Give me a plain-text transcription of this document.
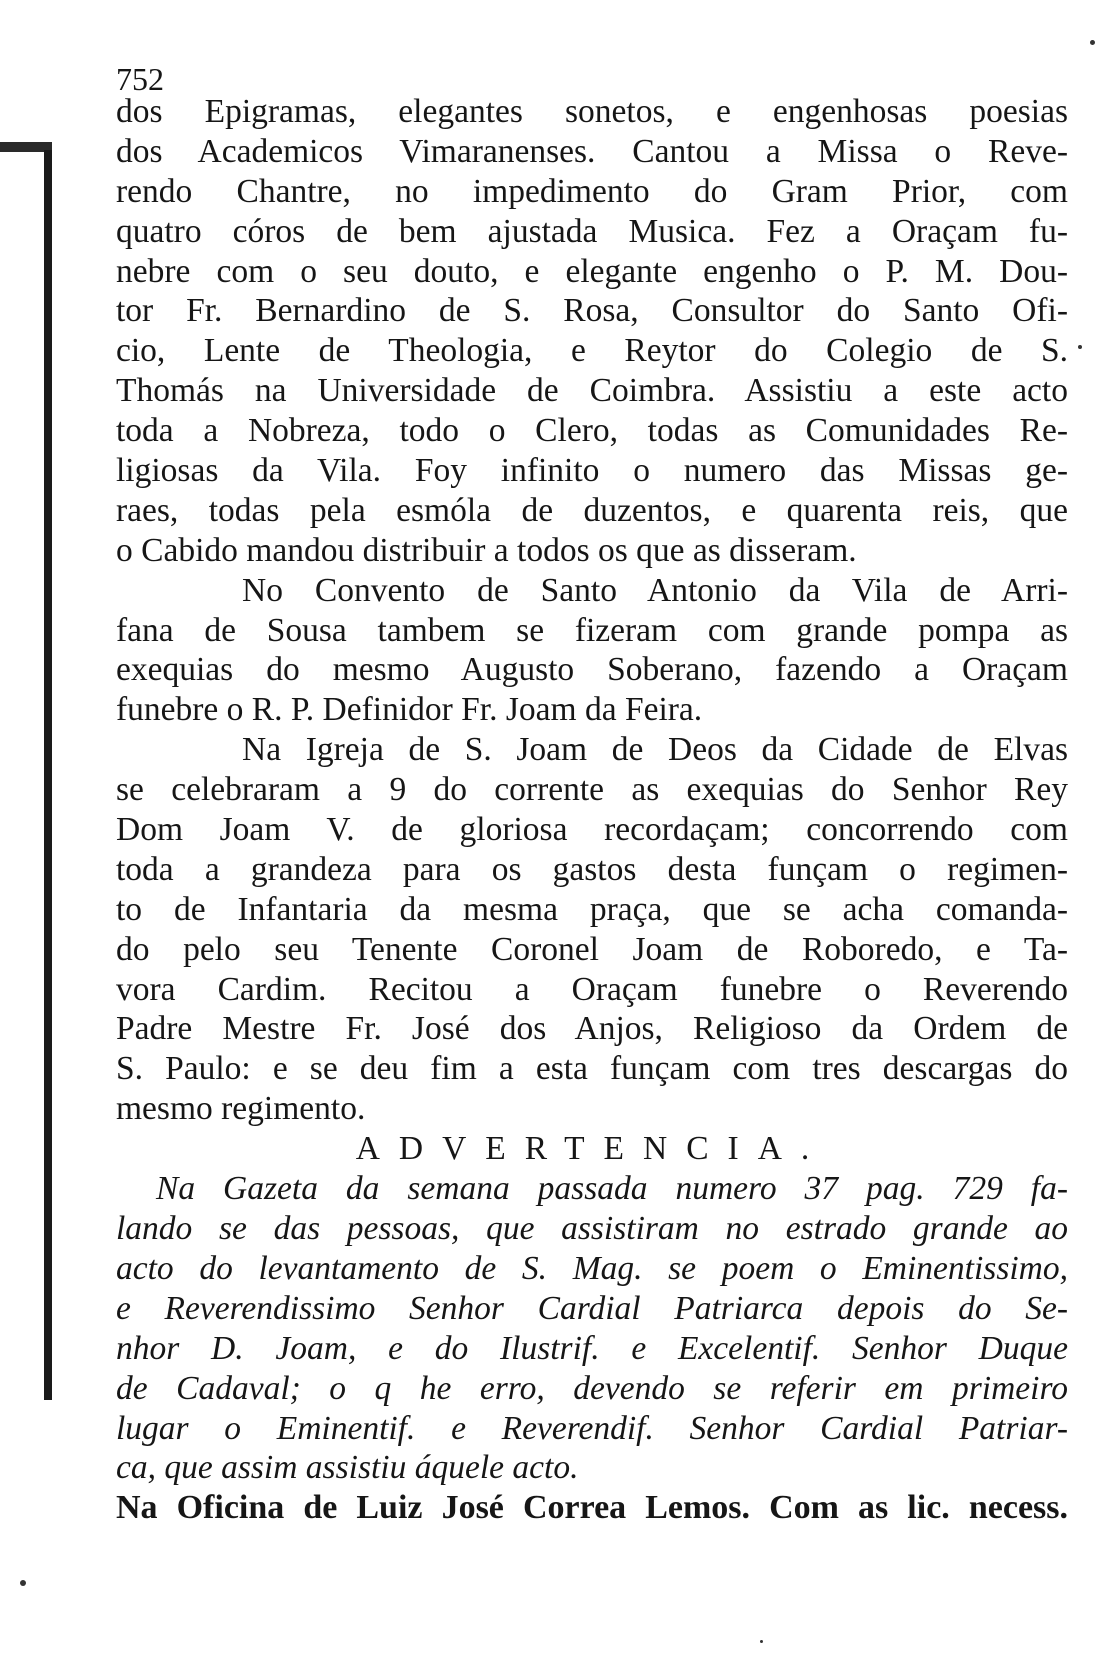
752
dos Epigramas, elegantes sonetos, e engenhosas poesias
dos Academicos Vimaranenses. Cantou a Missa o Reve-
rendo Chantre, no impedimento do Gram Prior, com
quatro córos de bem ajustada Musica. Fez a Oraçam fu-
nebre com o seu douto, e elegante engenho o P. M. Dou-
tor Fr. Bernardino de S. Rosa, Consultor do Santo Ofi-
cio, Lente de Theologia, e Reytor do Colegio de S.
Thomás na Universidade de Coimbra. Assistiu a este acto
toda a Nobreza, todo o Clero, todas as Comunidades Re-
ligiosas da Vila. Foy infinito o numero das Missas ge-
raes, todas pela esmóla de duzentos, e quarenta reis, que
o Cabido mandou distribuir a todos os que as disseram.
No Convento de Santo Antonio da Vila de Arri-
fana de Sousa tambem se fizeram com grande pompa as
exequias do mesmo Augusto Soberano, fazendo a Oraçam
funebre o R. P. Definidor Fr. Joam da Feira.
Na Igreja de S. Joam de Deos da Cidade de Elvas
se celebraram a 9 do corrente as exequias do Senhor Rey
Dom Joam V. de gloriosa recordaçam; concorrendo com
toda a grandeza para os gastos desta funçam o regimen-
to de Infantaria da mesma praça, que se acha comanda-
do pelo seu Tenente Coronel Joam de Roboredo, e Ta-
vora Cardim. Recitou a Oraçam funebre o Reverendo
Padre Mestre Fr. José dos Anjos, Religioso da Ordem de
S. Paulo: e se deu fim a esta funçam com tres descargas do
mesmo regimento.
ADVERTENCIA.
Na Gazeta da semana passada numero 37 pag. 729 fa-
lando se das pessoas, que assistiram no estrado grande ao
acto do levantamento de S. Mag. se poem o Eminentissimo,
e Reverendissimo Senhor Cardial Patriarca depois do Se-
nhor D. Joam, e do Ilustrif. e Excelentif. Senhor Duque
de Cadaval; o q he erro, devendo se referir em primeiro
lugar o Eminentif. e Reverendif. Senhor Cardial Patriar-
ca, que assim assistiu áquele acto.
Na Oficina de Luiz José Correa Lemos. Com as lic. necess.
